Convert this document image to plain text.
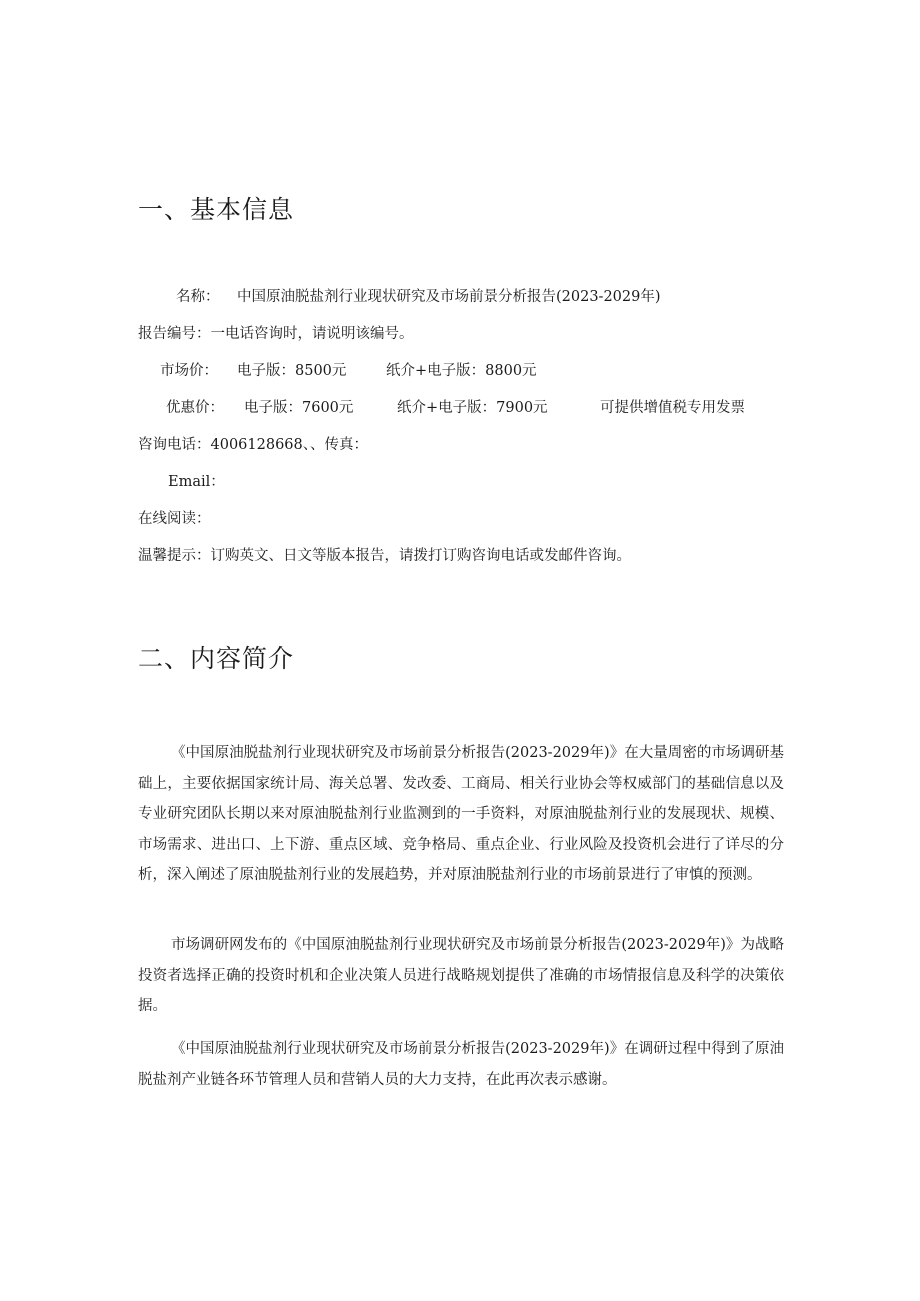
一、基本信息
名称： 中国原油脱盐剂行业现状研究及市场前景分析报告(2023-2029年)
报告编号：一电话咨询时，请说明该编号。
市场价： 电子版：8500元	纸介+电子版：8800元
优惠价： 电子版：7600元	纸介+电子版：7900元	可提供增值税专用发票
咨询电话：4006128668、、传真：
Email：
在线阅读：
温馨提示：订购英文、日文等版本报告，请拨打订购咨询电话或发邮件咨询。
二、内容简介

《中国原油脱盐剂行业现状研究及市场前景分析报告(2023-2029年)》在大量周密的市场调研基础上，主要依据国家统计局、海关总署、发改委、工商局、相关行业协会等权威部门的基础信息以及专业研究团队长期以来对原油脱盐剂行业监测到的一手资料，对原油脱盐剂行业的发展现状、规模、市场需求、进出口、上下游、重点区域、竞争格局、重点企业、行业风险及投资机会进行了详尽的分析，深入阐述了原油脱盐剂行业的发展趋势，并对原油脱盐剂行业的市场前景进行了审慎的预测。

市场调研网发布的《中国原油脱盐剂行业现状研究及市场前景分析报告(2023-2029年)》为战略投资者选择正确的投资时机和企业决策人员进行战略规划提供了准确的市场情报信息及科学的决策依据。

《中国原油脱盐剂行业现状研究及市场前景分析报告(2023-2029年)》在调研过程中得到了原油脱盐剂产业链各环节管理人员和营销人员的大力支持，在此再次表示感谢。
